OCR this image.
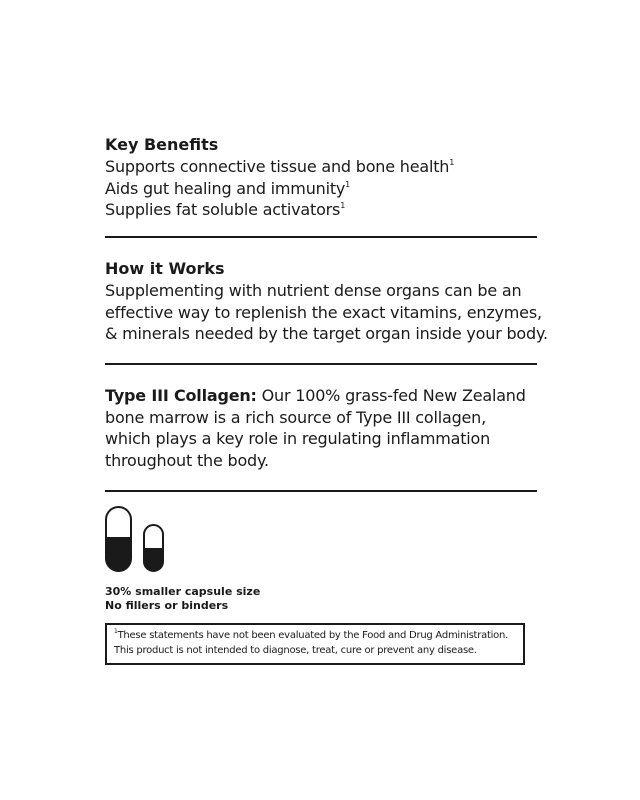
Key Benefits

Supports connective tissue and bone health$^1$

Aids gut healing and immunity$^1$

Supplies fat soluble activators$^1$

How it Works

Supplementing with nutrient dense organs can be an

effective way to replenish the exact vitamins, enzymes,

& minerals needed by the target organ inside your body.

Type III Collagen: Our 100% grass-fed New Zealand

bone marrow is a rich source of Type III collagen,

which plays a key role in regulating inflammation

throughout the body.

30% smaller capsule size

No fillers or binders

$^1$These statements have not been evaluated by the Food and Drug Administration.

This product is not intended to diagnose, treat, cure or prevent any disease.
